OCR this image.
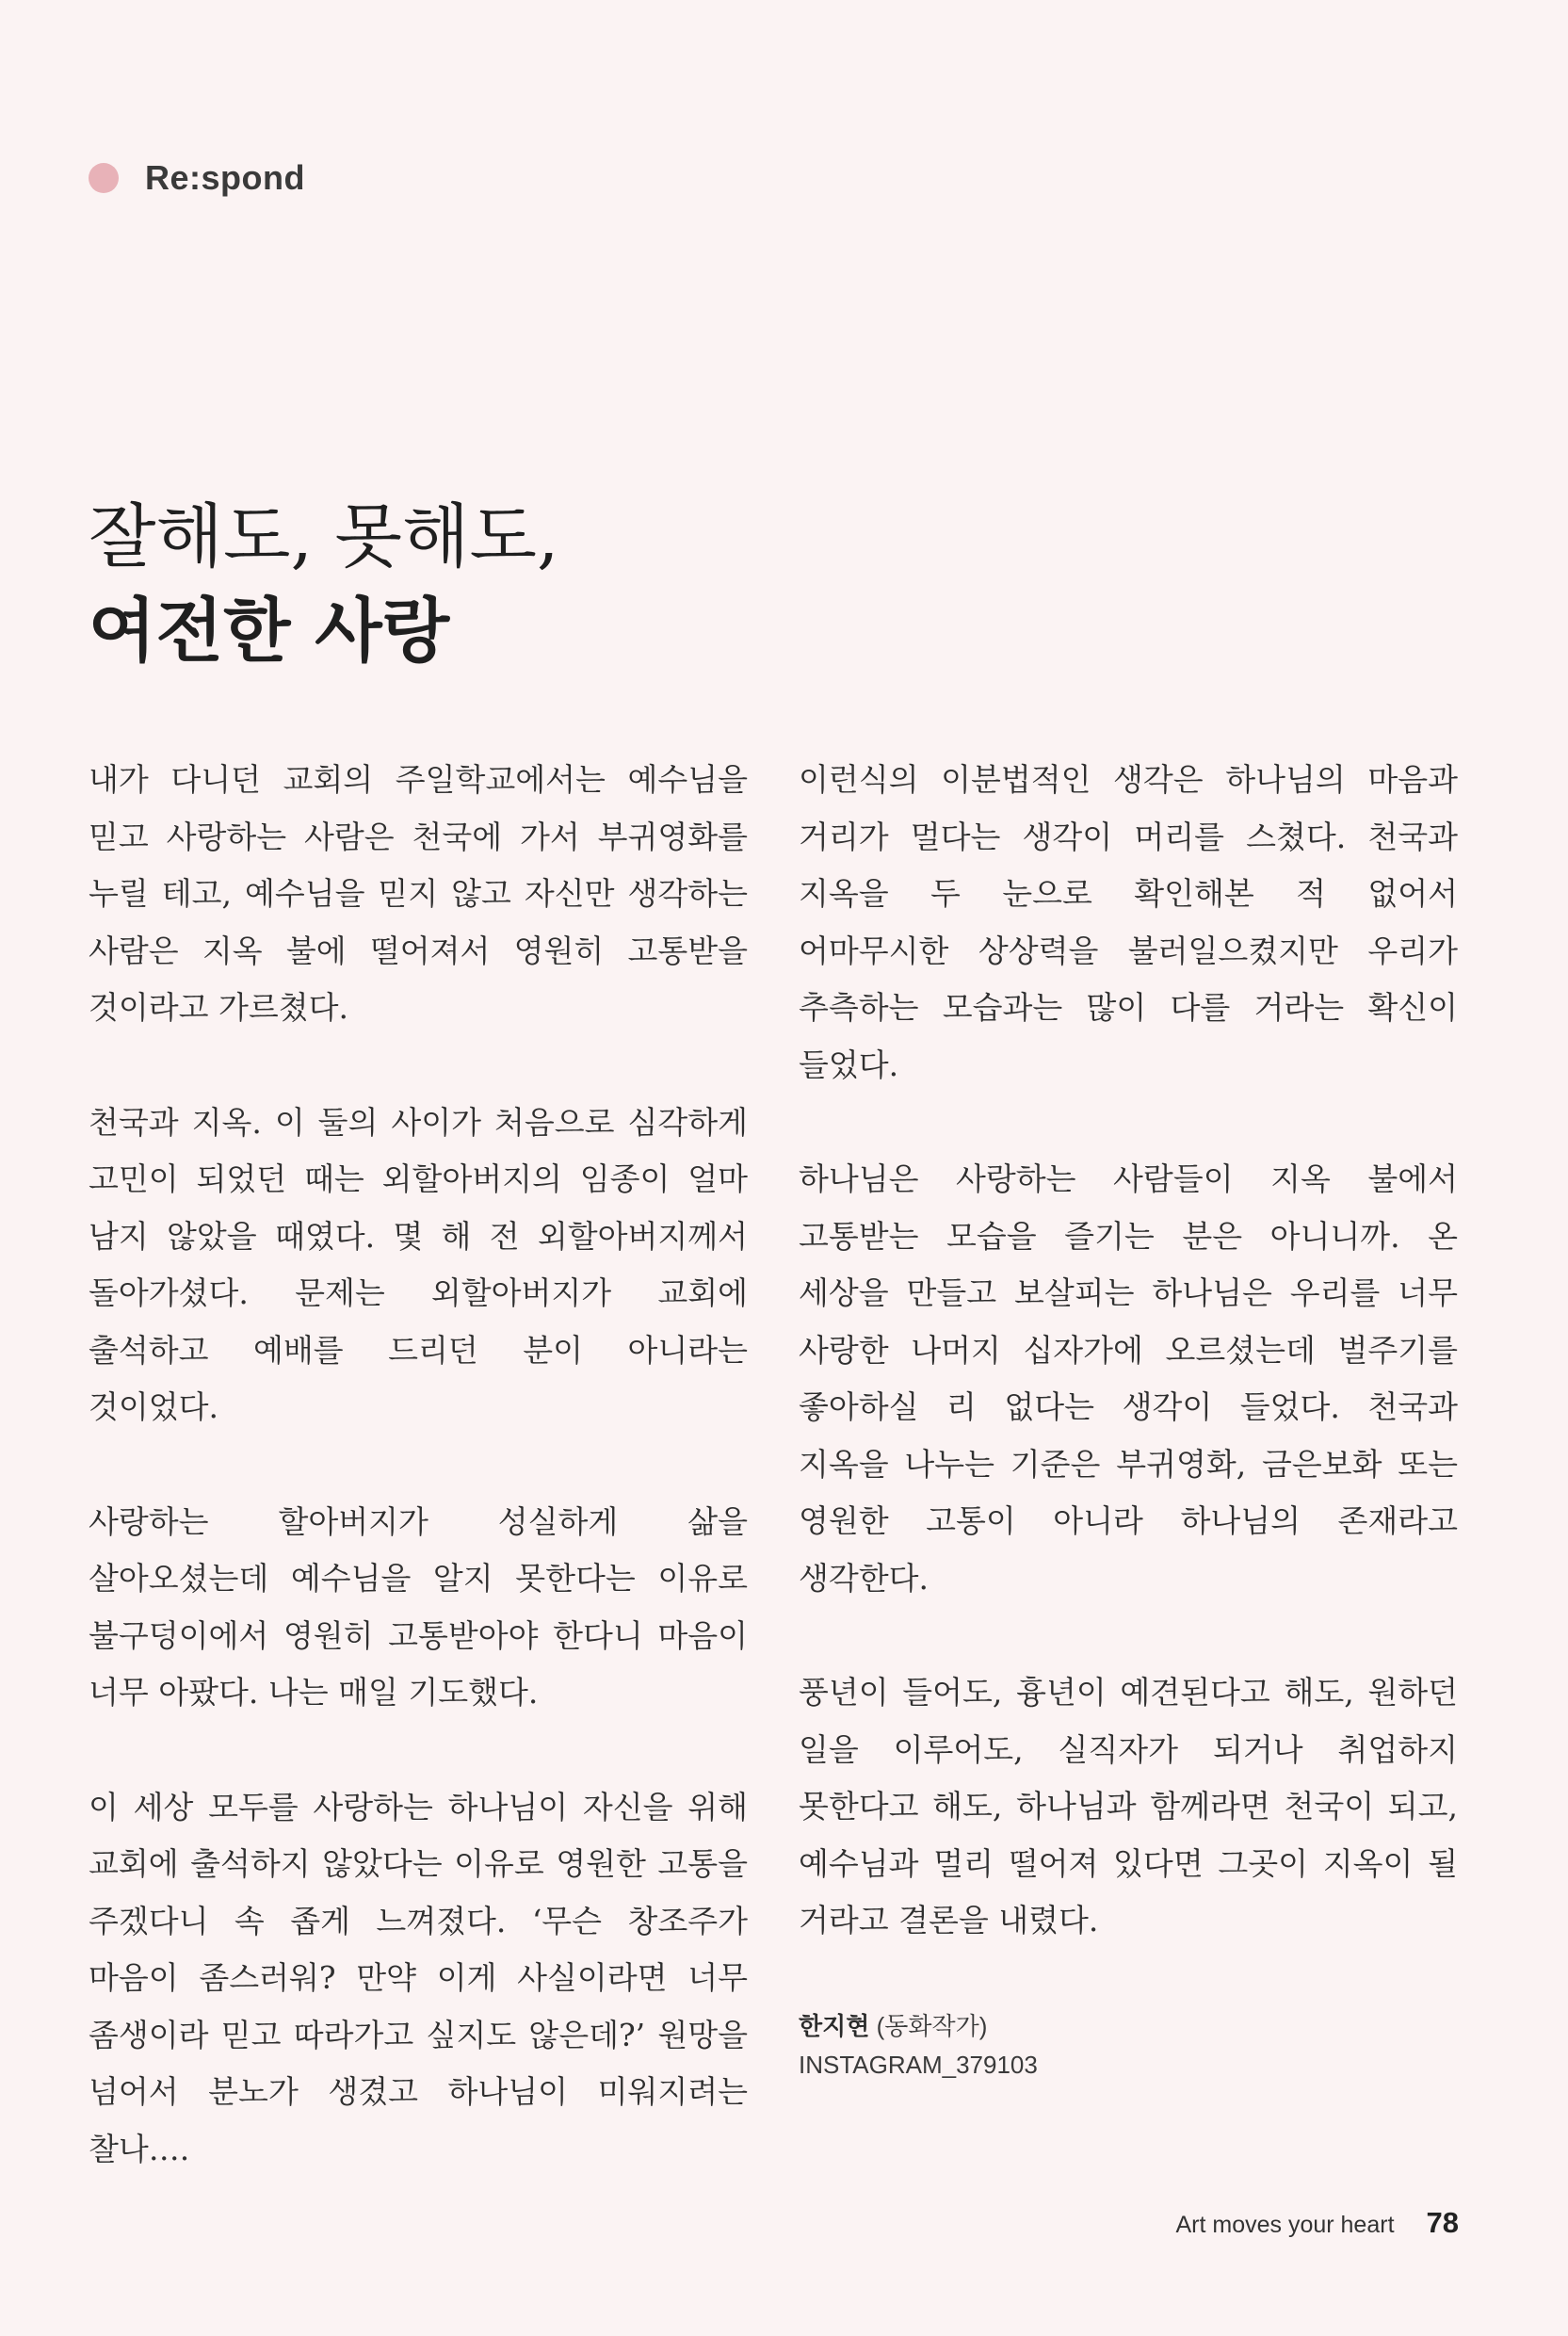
Re:spond
잘해도, 못해도,
여전한 사랑

내가 다니던 교회의 주일학교에서는 예수님을 믿고 사랑하는 사람은 천국에 가서 부귀영화를 누릴 테고, 예수님을 믿지 않고 자신만 생각하는 사람은 지옥 불에 떨어져서 영원히 고통받을 것이라고 가르쳤다.

천국과 지옥. 이 둘의 사이가 처음으로 심각하게 고민이 되었던 때는 외할아버지의 임종이 얼마 남지 않았을 때였다. 몇 해 전 외할아버지께서 돌아가셨다. 문제는 외할아버지가 교회에 출석하고 예배를 드리던 분이 아니라는 것이었다.

사랑하는 할아버지가 성실하게 삶을 살아오셨는데 예수님을 알지 못한다는 이유로 불구덩이에서 영원히 고통받아야 한다니 마음이 너무 아팠다. 나는 매일 기도했다.

이 세상 모두를 사랑하는 하나님이 자신을 위해 교회에 출석하지 않았다는 이유로 영원한 고통을 주겠다니 속 좁게 느껴졌다. ‘무슨 창조주가 마음이 좀스러워? 만약 이게 사실이라면 너무 좀생이라 믿고 따라가고 싶지도 않은데?’ 원망을 넘어서 분노가 생겼고 하나님이 미워지려는 찰나….

이런식의 이분법적인 생각은 하나님의 마음과 거리가 멀다는 생각이 머리를 스쳤다. 천국과 지옥을 두 눈으로 확인해본 적 없어서 어마무시한 상상력을 불러일으켰지만 우리가 추측하는 모습과는 많이 다를 거라는 확신이 들었다.

하나님은 사랑하는 사람들이 지옥 불에서 고통받는 모습을 즐기는 분은 아니니까. 온 세상을 만들고 보살피는 하나님은 우리를 너무 사랑한 나머지 십자가에 오르셨는데 벌주기를 좋아하실 리 없다는 생각이 들었다. 천국과 지옥을 나누는 기준은 부귀영화, 금은보화 또는 영원한 고통이 아니라 하나님의 존재라고 생각한다.

풍년이 들어도, 흉년이 예견된다고 해도, 원하던 일을 이루어도, 실직자가 되거나 취업하지 못한다고 해도, 하나님과 함께라면 천국이 되고, 예수님과 멀리 떨어져 있다면 그곳이 지옥이 될 거라고 결론을 내렸다.

한지현 (동화작가)
INSTAGRAM_379103
Art moves your heart 78
